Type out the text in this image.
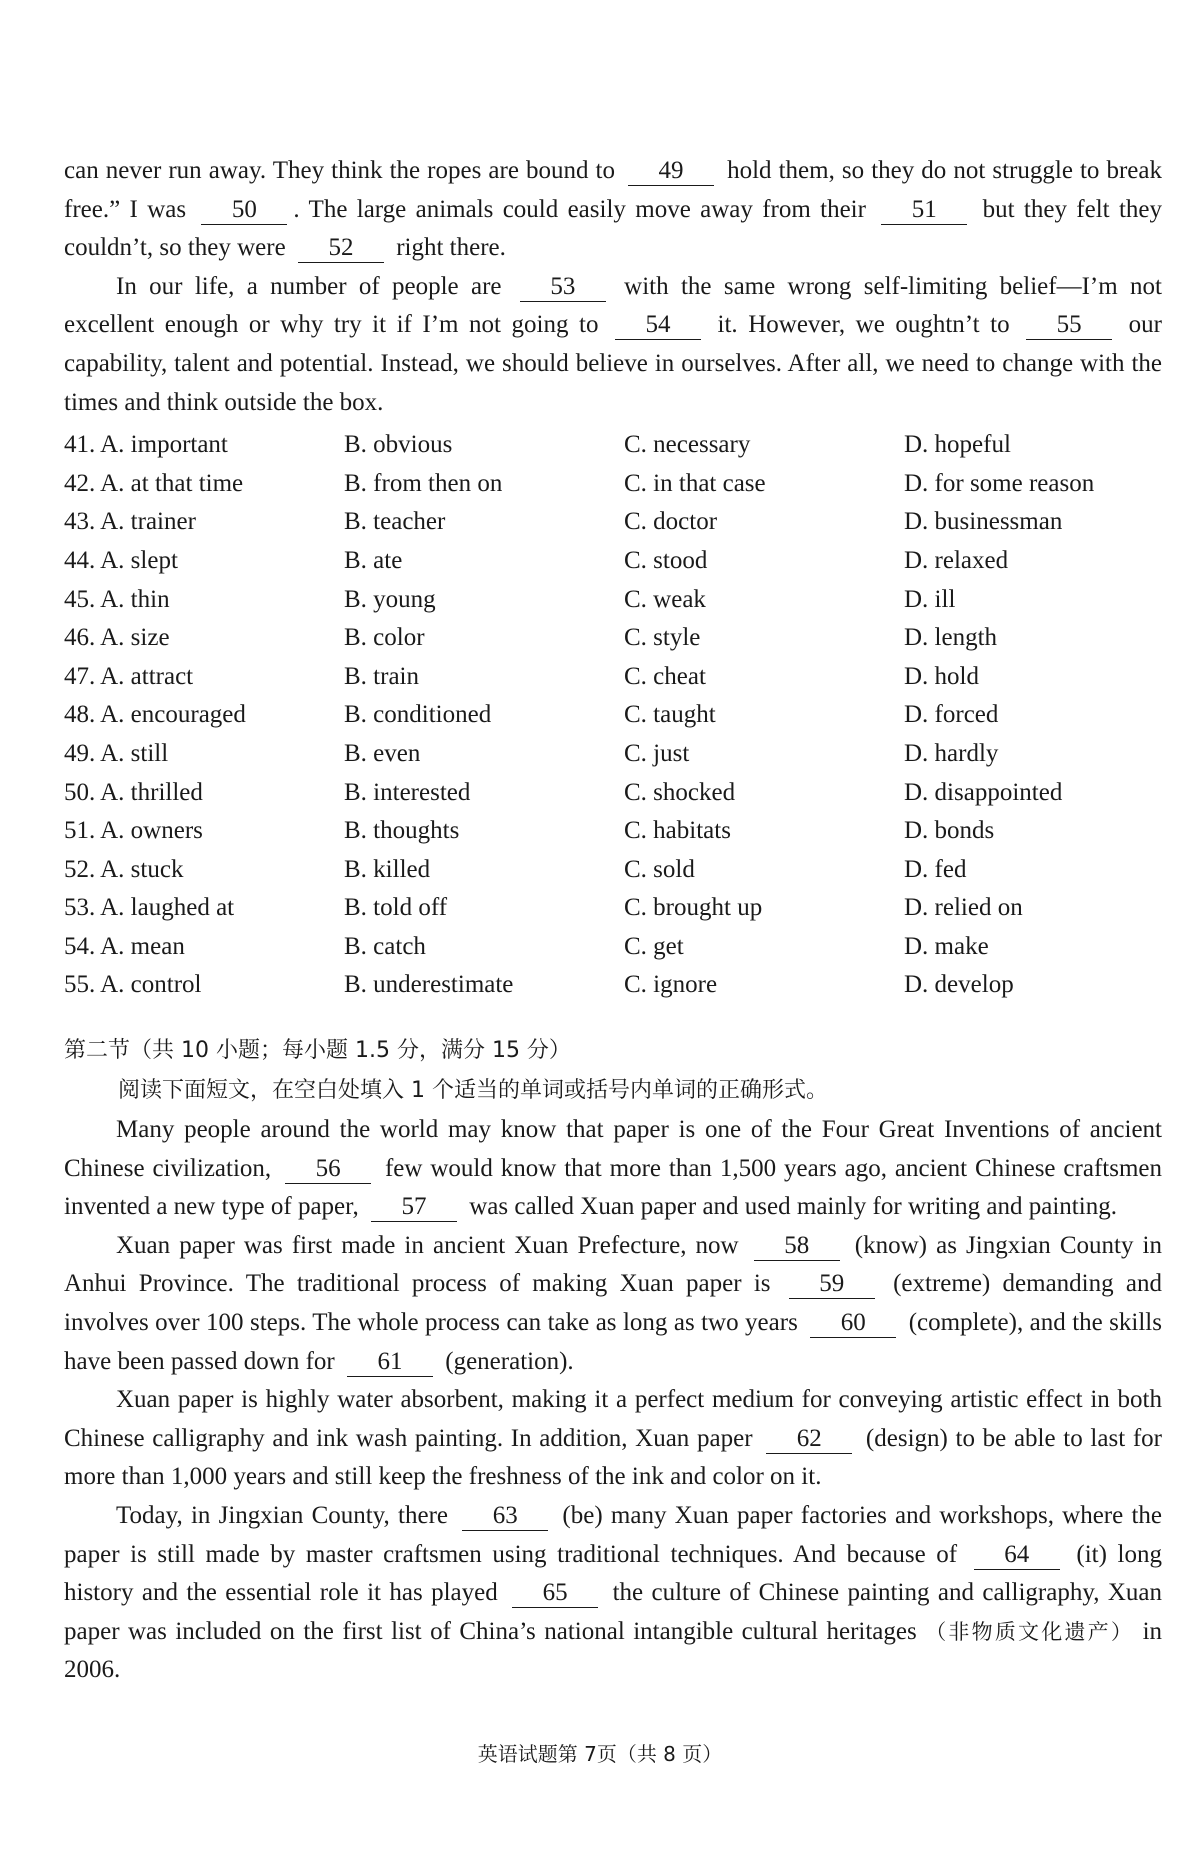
can never run away. They think the ropes are bound to 49 hold them, so they do not struggle to break free.” I was 50 . The large animals could easily move away from their 51 but they felt they couldn’t, so they were 52 right there.

In our life, a number of people are 53 with the same wrong self-limiting belief—I’m not excellent enough or why try it if I’m not going to 54 it. However, we oughtn’t to 55 our capability, talent and potential. Instead, we should believe in ourselves. After all, we need to change with the times and think outside the box.

41. A. important	B. obvious	C. necessary	D. hopeful
42. A. at that time	B. from then on	C. in that case	D. for some reason
43. A. trainer	B. teacher	C. doctor	D. businessman
44. A. slept	B. ate	C. stood	D. relaxed
45. A. thin	B. young	C. weak	D. ill
46. A. size	B. color	C. style	D. length
47. A. attract	B. train	C. cheat	D. hold
48. A. encouraged	B. conditioned	C. taught	D. forced
49. A. still	B. even	C. just	D. hardly
50. A. thrilled	B. interested	C. shocked	D. disappointed
51. A. owners	B. thoughts	C. habitats	D. bonds
52. A. stuck	B. killed	C. sold	D. fed
53. A. laughed at	B. told off	C. brought up	D. relied on
54. A. mean	B. catch	C. get	D. make
55. A. control	B. underestimate	C. ignore	D. develop
第二节（共 10 小题；每小题 1.5 分，满分 15 分）
阅读下面短文，在空白处填入 1 个适当的单词或括号内单词的正确形式。

Many people around the world may know that paper is one of the Four Great Inventions of ancient Chinese civilization, 56 few would know that more than 1,500 years ago, ancient Chinese craftsmen invented a new type of paper, 57 was called Xuan paper and used mainly for writing and painting.

Xuan paper was first made in ancient Xuan Prefecture, now 58 (know) as Jingxian County in Anhui Province. The traditional process of making Xuan paper is 59 (extreme) demanding and involves over 100 steps. The whole process can take as long as two years 60 (complete), and the skills have been passed down for 61 (generation).

Xuan paper is highly water absorbent, making it a perfect medium for conveying artistic effect in both Chinese calligraphy and ink wash painting. In addition, Xuan paper 62 (design) to be able to last for more than 1,000 years and still keep the freshness of the ink and color on it.

Today, in Jingxian County, there 63 (be) many Xuan paper factories and workshops, where the paper is still made by master craftsmen using traditional techniques. And because of 64 (it) long history and the essential role it has played 65 the culture of Chinese painting and calligraphy, Xuan paper was included on the first list of China’s national intangible cultural heritages （非物质文化遗产） in 2006.

英语试题第 7页（共 8 页）
